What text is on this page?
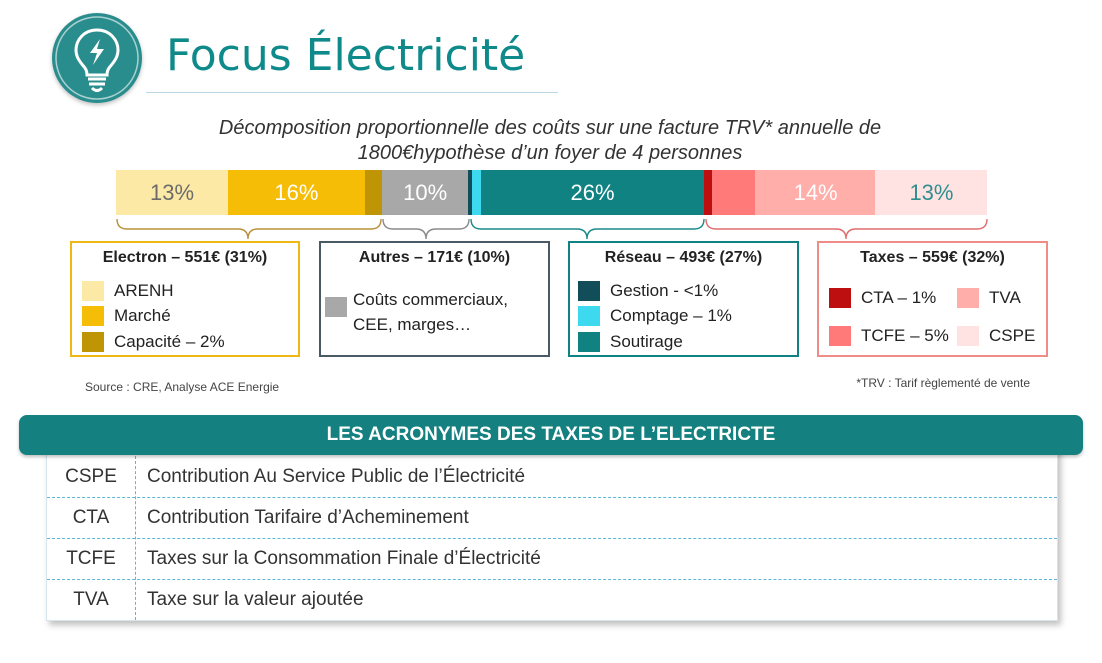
Focus Électricité
Décomposition proportionnelle des coûts sur une facture TRV* annuelle de
1800€hypothèse d’un foyer de 4 personnes
13%	16%	10%	26%	14%	13%
Electron – 551€ (31%)
ARENH
Marché
Capacité – 2%
Autres – 171€ (10%)
Coûts commerciaux,
CEE, marges…
Réseau – 493€ (27%)
Gestion - <1%
Comptage – 1%
Soutirage
Taxes – 559€ (32%)
CTA – 1%	TVA
TCFE – 5% CSPE
Source : CRE, Analyse ACE Energie	*TRV : Tarif règlementé de vente
CSPE	Contribution Au Service Public de l’Électricité
CTA	Contribution Tarifaire d’Acheminement
TCFE	Taxes sur la Consommation Finale d’Électricité
TVA	Taxe sur la valeur ajoutée
LES ACRONYMES DES TAXES DE L’ELECTRICTE
